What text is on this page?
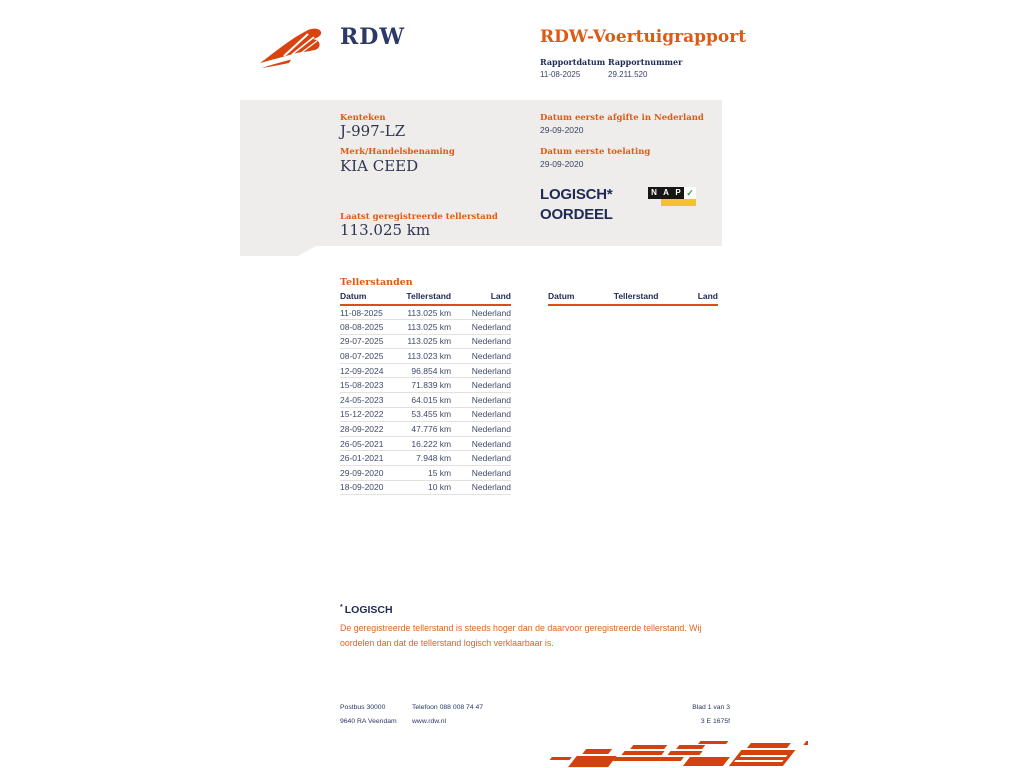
RDW	RDW-Voertuigrapport
Rapportdatum Rapportnummer
11-08-2025	29.211.520
Kenteken
J-997-LZ
Merk/Handelsbenaming
KIA CEED
Laatst geregistreerde tellerstand
113.025 km
Datum eerste afgifte in Nederland
29-09-2020
Datum eerste toelating
29-09-2020
LOGISCH*
OORDEEL
N A P ✓
Tellerstanden
Datum	Tellerstand	Land
11-08-2025	113.025 km	Nederland
08-08-2025	113.025 km	Nederland
29-07-2025	113.025 km	Nederland
08-07-2025	113.023 km	Nederland
12-09-2024	96.854 km	Nederland
15-08-2023	71.839 km	Nederland
24-05-2023	64.015 km	Nederland
15-12-2022	53.455 km	Nederland
28-09-2022	47.776 km	Nederland
26-05-2021	16.222 km	Nederland
26-01-2021	7.948 km	Nederland
29-09-2020	15 km	Nederland
18-09-2020	10 km	Nederland
Datum	Tellerstand	Land
* LOGISCH
De geregistreerde tellerstand is steeds hoger dan de daarvoor geregistreerde tellerstand. Wij oordelen dan dat de tellerstand logisch verklaarbaar is.
Postbus 30000
9640 RA Veendam
Telefoon 088 008 74 47
www.rdw.nl
Blad 1 van 3
3 E 1675f
